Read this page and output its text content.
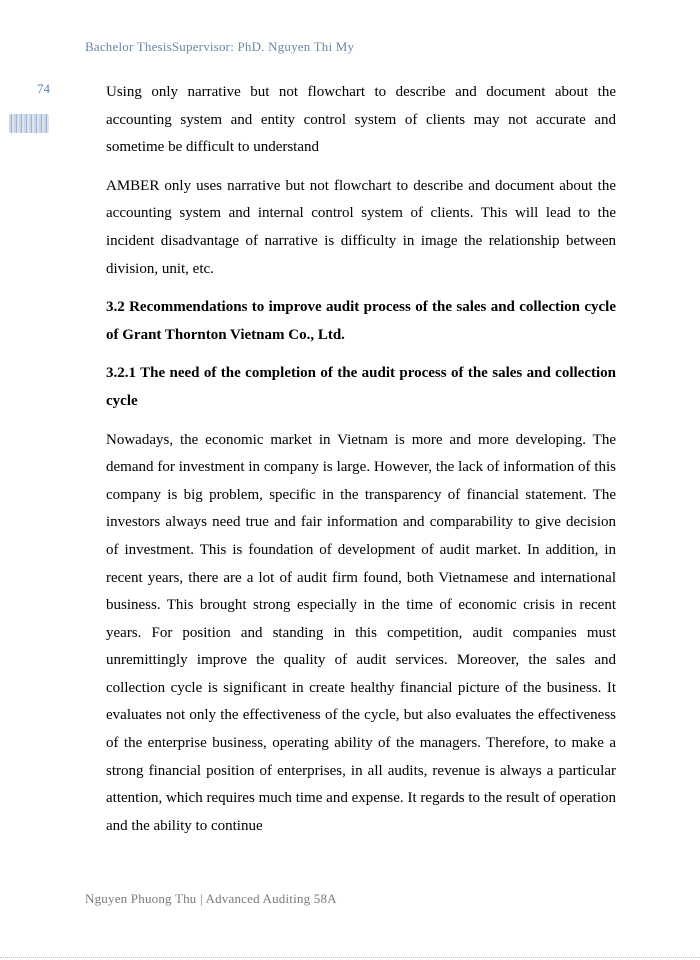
Bachelor ThesisSupervisor: PhD. Nguyen Thi My
74	Using only narrative but not flowchart to describe and document about the accounting system and entity control system of clients may not accurate and sometime be difficult to understand

AMBER only uses narrative but not flowchart to describe and document about the accounting system and internal control system of clients. This will lead to the incident disadvantage of narrative is difficulty in image the relationship between division, unit, etc.

3.2 Recommendations to improve audit process of the sales and collection cycle of Grant Thornton Vietnam Co., Ltd.
3.2.1 The need of the completion of the audit process of the sales and collection cycle

Nowadays, the economic market in Vietnam is more and more developing. The demand for investment in company is large. However, the lack of information of this company is big problem, specific in the transparency of financial statement. The investors always need true and fair information and comparability to give decision of investment. This is foundation of development of audit market. In addition, in recent years, there are a lot of audit firm found, both Vietnamese and international business. This brought strong especially in the time of economic crisis in recent years. For position and standing in this competition, audit companies must unremittingly improve the quality of audit services. Moreover, the sales and collection cycle is significant in create healthy financial picture of the business. It evaluates not only the effectiveness of the cycle, but also evaluates the effectiveness of the enterprise business, operating ability of the managers. Therefore, to make a strong financial position of enterprises, in all audits, revenue is always a particular attention, which requires much time and expense. It regards to the result of operation and the ability to continue

Nguyen Phuong Thu | Advanced Auditing 58A
